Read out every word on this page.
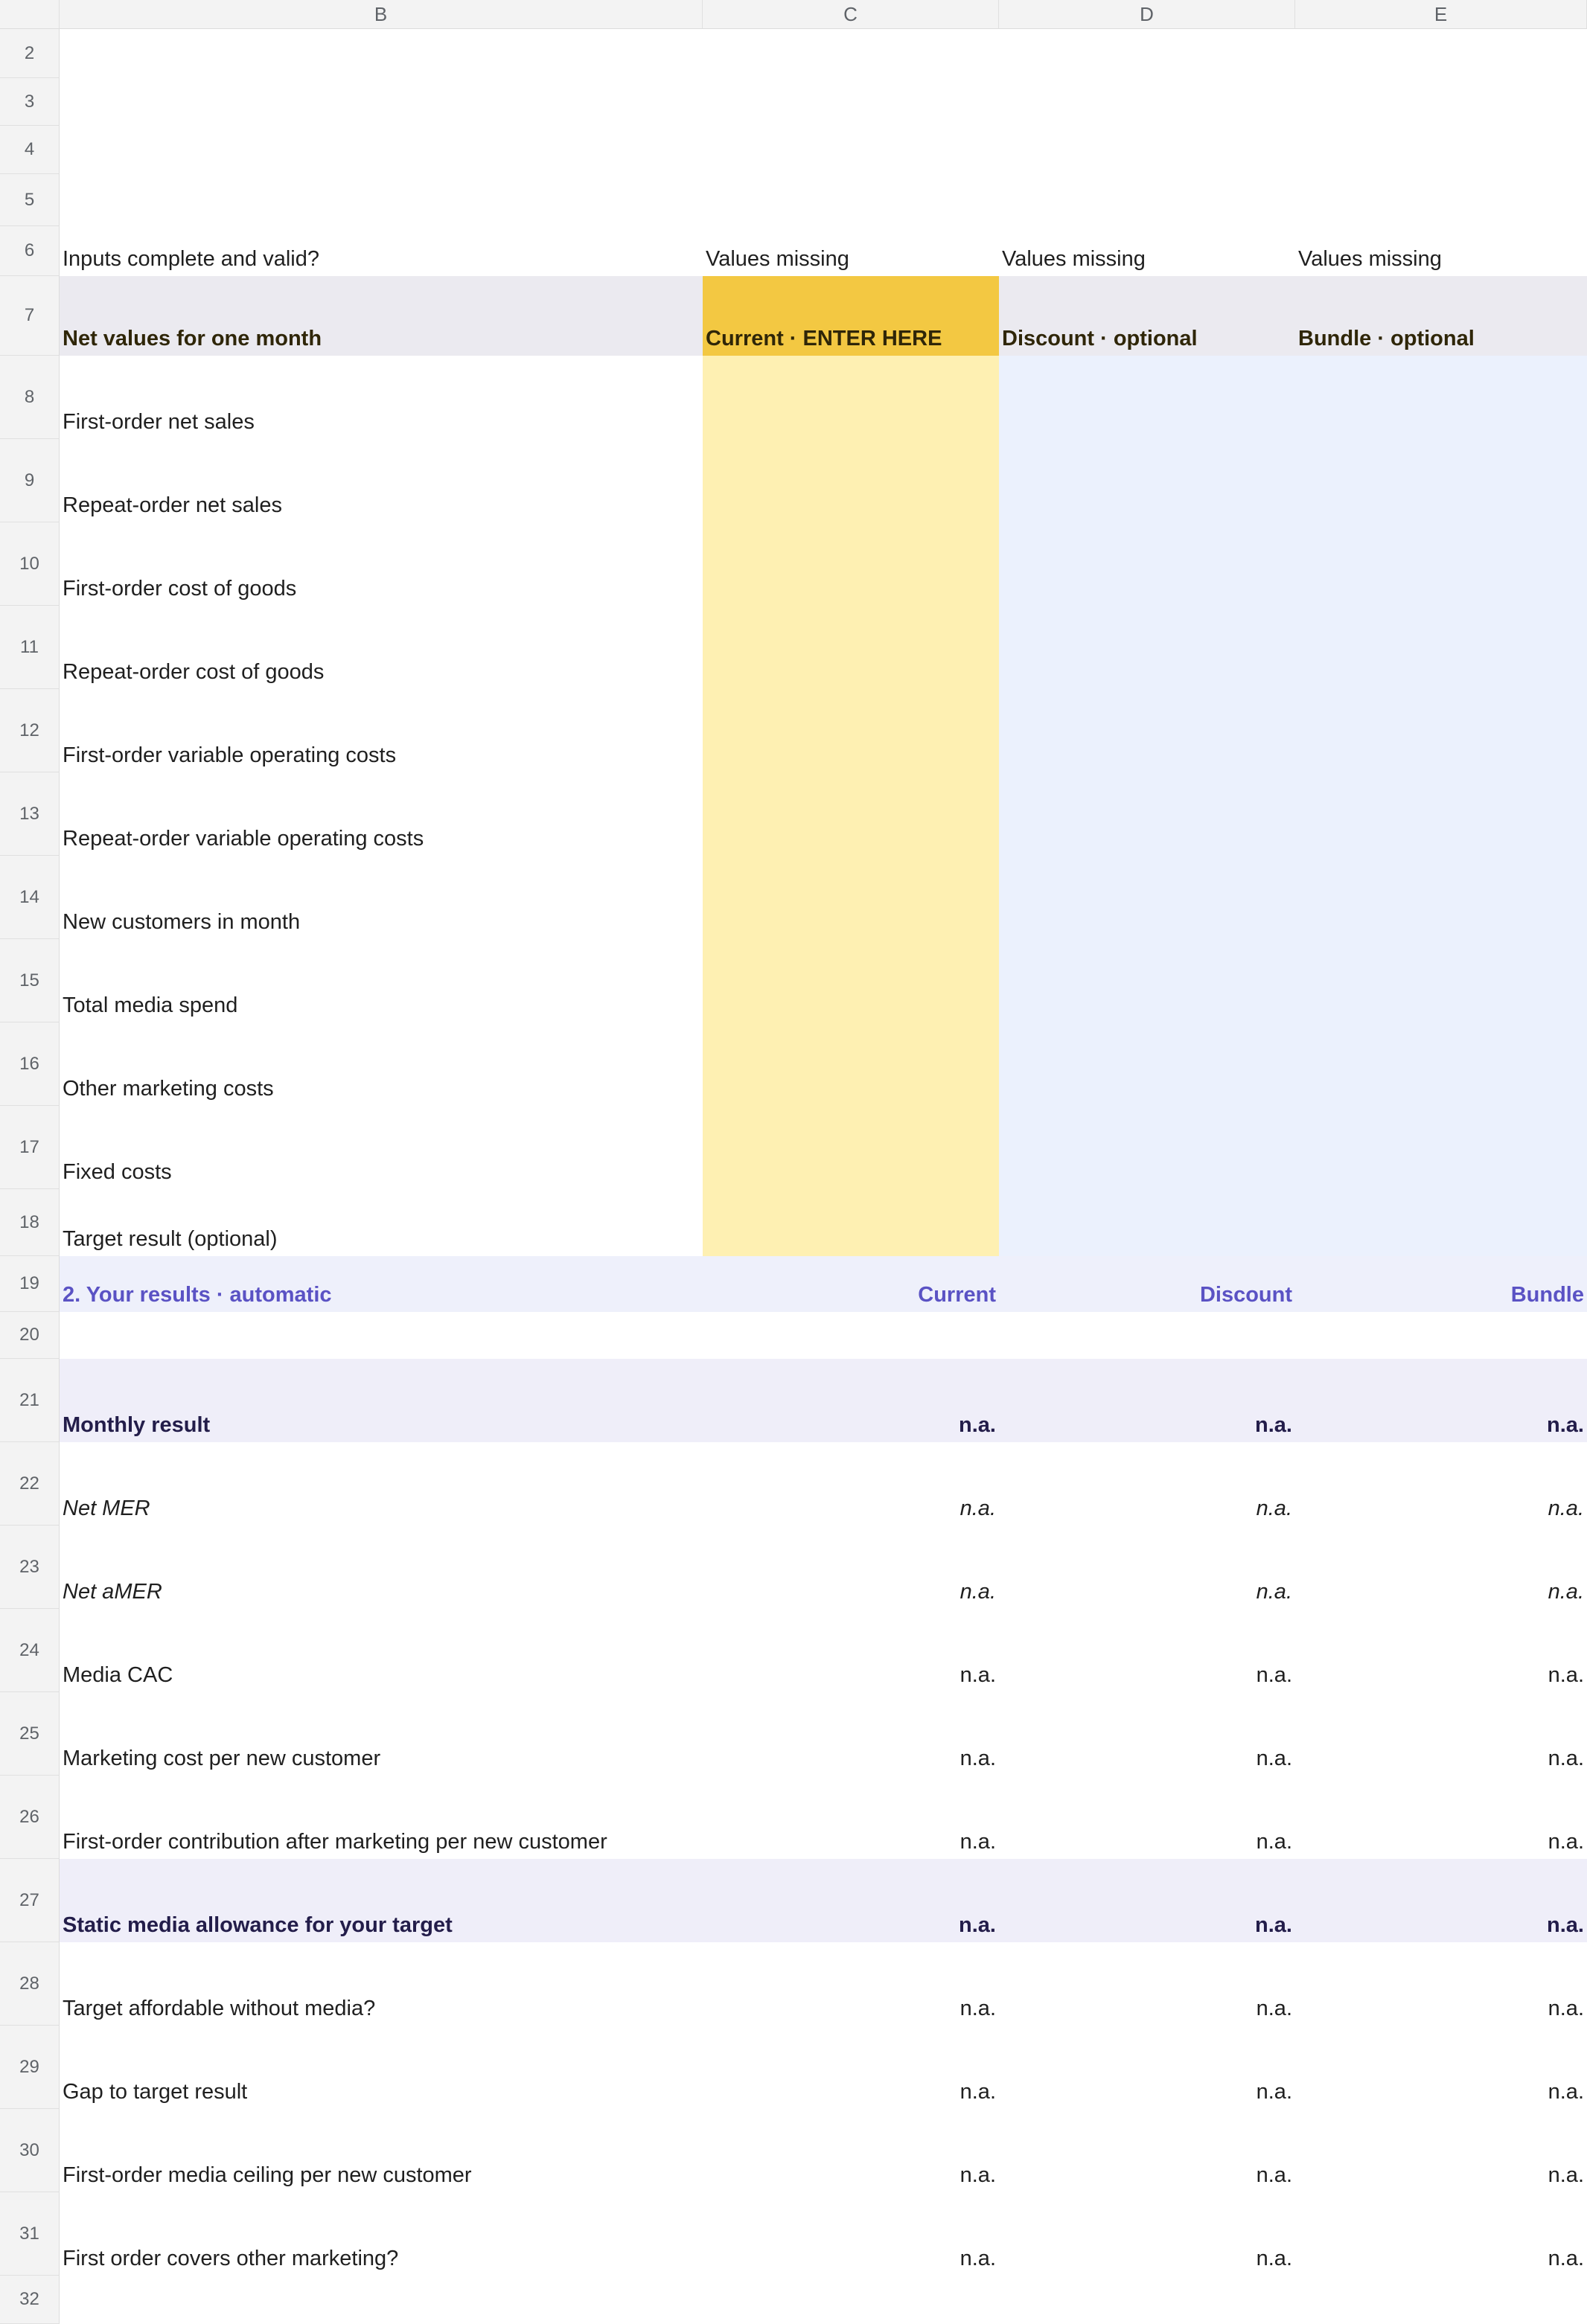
B	C	D	E
2
3
4
5
6
7
8
9
10
11
12
13
14
15
16
17
18
19
20
21
22
23
24
25
26
27
28
29
30
31
32
Inputs complete and valid?	Values missing	Values missing	Values missing
Net values for one month	Current · ENTER HERE	Discount · optional	Bundle · optional
First-order net sales
Repeat-order net sales
First-order cost of goods
Repeat-order cost of goods
First-order variable operating costs
Repeat-order variable operating costs
New customers in month
Total media spend
Other marketing costs
Fixed costs
Target result (optional)
2. Your results · automatic	Current	Discount	Bundle
Monthly result	n.a.	n.a.	n.a.
Net MER	n.a.	n.a.	n.a.
Net aMER	n.a.	n.a.	n.a.
Media CAC	n.a.	n.a.	n.a.
Marketing cost per new customer	n.a.	n.a.	n.a.
First-order contribution after marketing per new customer	n.a.	n.a.	n.a.
Static media allowance for your target	n.a.	n.a.	n.a.
Target affordable without media?	n.a.	n.a.	n.a.
Gap to target result	n.a.	n.a.	n.a.
First-order media ceiling per new customer	n.a.	n.a.	n.a.
First order covers other marketing?	n.a.	n.a.	n.a.
